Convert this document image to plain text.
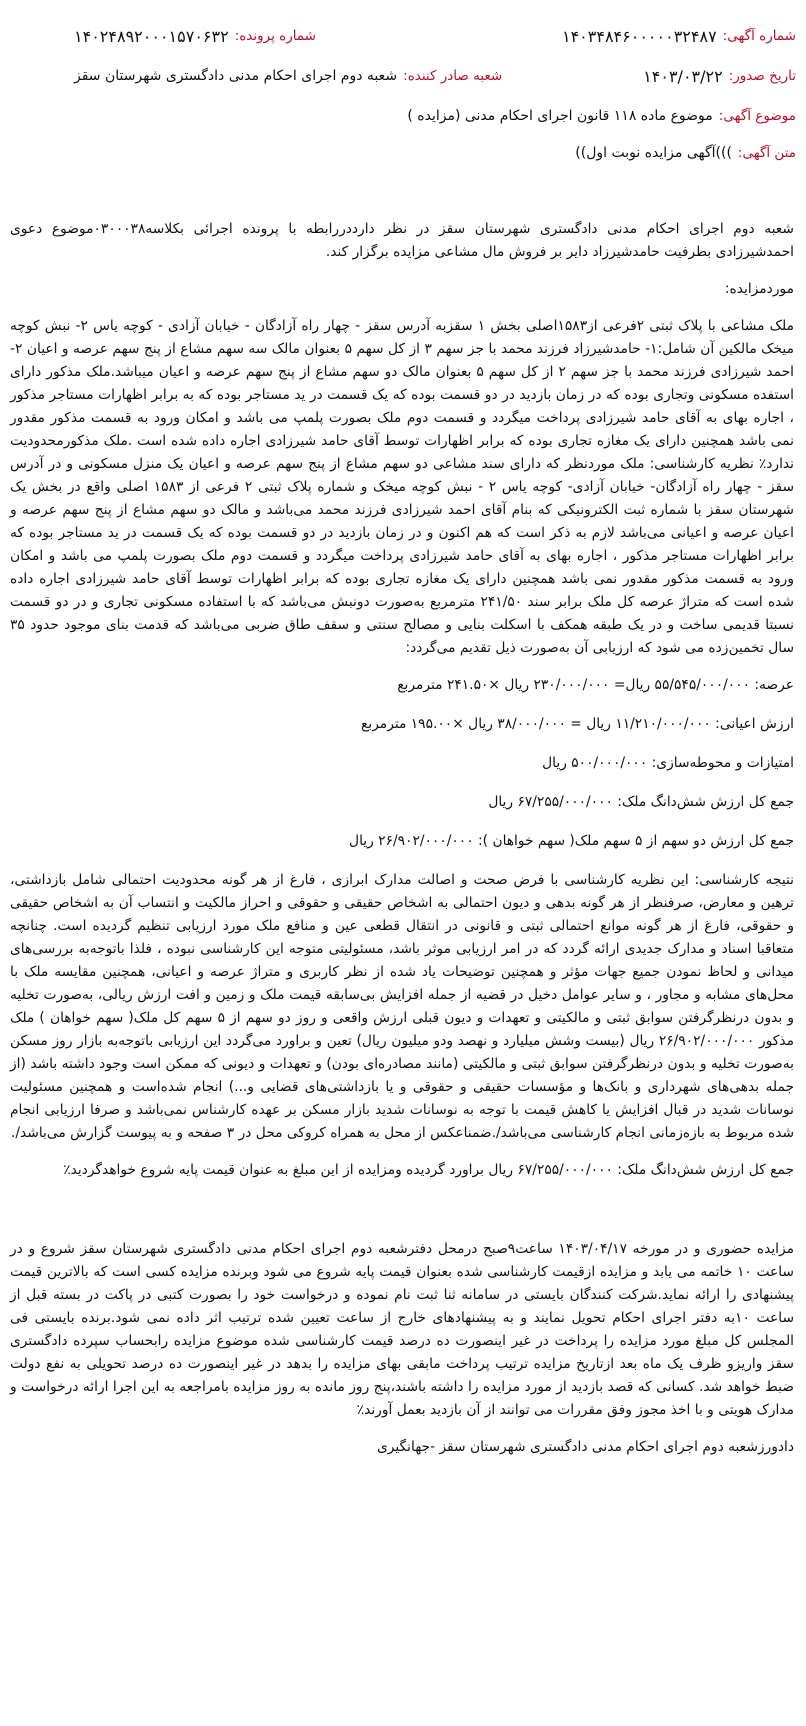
شماره آگهی:
۱۴۰۳۴۸۴۶۰۰۰۰۰۳۲۴۸۷
شماره پرونده:
۱۴۰۲۴۸۹۲۰۰۰۱۵۷۰۶۳۲
تاریخ صدور:
۱۴۰۳/۰۳/۲۲
شعبه صادر کننده:
شعبه دوم اجرای احکام مدنی دادگستری شهرستان سقز
موضوع آگهی:
موضوع ماده ۱۱۸ قانون اجرای احکام مدنی (مزایده )
متن آگهی:
)))آگهی مزایده نوبت اول))

شعبه دوم اجرای احکام مدنی دادگستری شهرستان سقز در نظر دارددررابطه با پرونده اجرائی بکلاسه۰۳۰۰۰۳۸موضوع دعوی احمدشیرزادی بطرفیت حامدشیرزاد دایر بر فروش مال مشاعی مزایده برگزار کند.

موردمزایده:

ملک مشاعی با پلاک ثبتی ۲فرعی از۱۵۸۳اصلی بخش ۱ سقزبه آدرس سقز - چهار راه آزادگان - خیابان آزادی - کوچه یاس ۲- نبش کوچه میخک مالکین آن شامل:۱- حامدشیرزاد فرزند محمد با جز سهم ۳ از کل سهم ۵ بعنوان مالک سه سهم مشاع از پنج سهم عرصه و اعیان ۲- احمد شیرزادی فرزند محمد با جز سهم ۲ از کل سهم ۵ بعنوان مالک دو سهم مشاع از پنج سهم عرصه و اعیان میباشد.ملک مذکور دارای استفده مسکونی وتجاری بوده که در زمان بازدید در دو قسمت بوده که یک قسمت در ید مستاجر بوده که به برابر اظهارات مستاجر مذکور ، اجاره بهای به آقای حامد شیرزادی پرداخت میگردد و قسمت دوم ملک بصورت پلمپ می باشد و امکان ورود به قسمت مذکور مقدور نمی باشد همچنین دارای یک مغازه تجاری بوده که برابر اظهارات توسط آقای حامد شیرزادی اجاره داده شده است .ملک مذکورمحدودیت ندارد٪ نظریه کارشناسی: ملک موردنظر که دارای سند مشاعی دو سهم مشاع از پنج سهم عرصه و اعیان یک منزل مسکونی و در آدرس سقز - چهار راه آزادگان- خیابان آزادی- کوچه یاس ۲ - نبش کوچه میخک و شماره پلاک ثبتی ۲ فرعی از ۱۵۸۳ اصلی واقع در بخش یک شهرستان سقز با شماره ثبت الکترونیکی که بنام آقای احمد شیرزادی فرزند محمد می‌باشد و مالک دو سهم مشاع از پنج سهم عرصه و اعیان عرصه و اعیانی می‌باشد لازم به ذکر است که هم اکنون و در زمان بازدید در دو قسمت بوده که یک قسمت در ید مستاجر بوده که برابر اظهارات مستاجر مذکور ، اجاره بهای به آقای حامد شیرزادی پرداخت میگردد و قسمت دوم ملک بصورت پلمپ می باشد و امکان ورود به قسمت مذکور مقدور نمی باشد همچنین دارای یک مغازه تجاری بوده که برابر اظهارات توسط آقای حامد شیرزادی اجاره داده شده است که متراژ عرصه کل ملک برابر سند ۲۴۱/۵۰ مترمربع به‌صورت دونبش می‌باشد که با استفاده مسکونی تجاری و در دو قسمت نسبتا قدیمی ساخت و در یک طبقه همکف با اسکلت بنایی و مصالح سنتی و سقف طاق ضربی می‌باشد که قدمت بنای موجود حدود ۳۵ سال تخمین‌زده می شود که ارزیابی آن به‌صورت ذیل تقدیم می‌گردد:

عرصه: ۵۵/۵۴۵/۰۰۰/۰۰۰ ریال= ۲۳۰/۰۰۰/۰۰۰ ریال ×۲۴۱.۵۰ مترمربع

ارزش اعیانی: ۱۱/۲۱۰/۰۰۰/۰۰۰ ریال = ۳۸/۰۰۰/۰۰۰ ریال ×۱۹۵.۰۰ مترمربع

امتیازات و محوطه‌سازی: ۵۰۰/۰۰۰/۰۰۰ ریال

جمع کل ارزش شش‌دانگ ملک: ۶۷/۲۵۵/۰۰۰/۰۰۰ ریال

جمع کل ارزش دو سهم از ۵ سهم ملک( سهم خواهان ): ۲۶/۹۰۲/۰۰۰/۰۰۰ ریال

نتیجه کارشناسی: این نظریه کارشناسی با فرض صحت و اصالت مدارک ابرازی ، فارغ از هر گونه محدودیت احتمالی شامل بازداشتی، ترهین و معارض، صرفنظر از هر گونه بدهی و دیون احتمالی به اشخاص حقیقی و حقوقی و احراز مالکیت و انتساب آن به اشخاص حقیقی و حقوقی، فارغ از هر گونه موانع احتمالی ثبتی و قانونی در انتقال قطعی عین و منافع ملک مورد ارزیابی تنظیم گردیده است. چنانچه متعاقبا اسناد و مدارک جدیدی ارائه گردد که در امر ارزیابی موثر باشد، مسئولیتی متوجه این کارشناسی نبوده ، فلذا باتوجه‌به بررسی‌های میدانی و لحاظ نمودن جمیع جهات مؤثر و همچنین توضیحات یاد شده از نظر کاربری و متراژ عرصه و اعیانی، همچنین مقایسه ملک با محل‌های مشابه و مجاور ، و سایر عوامل دخیل در قضیه از جمله افزایش بی‌سابقه قیمت ملک و زمین و افت ارزش ریالی، به‌صورت تخلیه و بدون درنظرگرفتن سوابق ثبتی و مالکیتی و تعهدات و دیون قبلی ارزش واقعی و روز دو سهم از ۵ سهم کل ملک( سهم خواهان ) ملک مذکور ۲۶/۹۰۲/۰۰۰/۰۰۰ ریال (بیست وشش میلیارد و نهصد ودو میلیون ریال) تعین و براورد می‌گردد این ارزیابی باتوجه‌به بازار روز مسکن به‌صورت تخلیه و بدون درنظرگرفتن سوابق ثبتی و مالکیتی (مانند مصادره‌ای بودن) و تعهدات و دیونی که ممکن است وجود داشته باشد (از جمله بدهی‌های شهرداری و بانک‌ها و مؤسسات حقیقی و حقوقی و یا بازداشتی‌های قضایی و...) انجام شده‌است و همچنین مسئولیت نوسانات شدید در قبال افزایش یا کاهش قیمت با توجه به نوسانات شدید بازار مسکن بر عهده کارشناس نمی‌باشد و صرفا ارزیابی انجام شده مربوط به بازه‌زمانی انجام کارشناسی می‌باشد/.ضمناعکس از محل به همراه کروکی محل در ۳ صفحه و به پیوست گزارش می‌باشد/.

جمع کل ارزش شش‌دانگ ملک: ۶۷/۲۵۵/۰۰۰/۰۰۰ ریال براورد گردیده ومزایده از این مبلغ به عنوان قیمت پایه شروع خواهدگردید٪

مزایده حضوری و در مورخه ۱۴۰۳/۰۴/۱۷ ساعت۹صبح درمحل دفترشعبه دوم اجرای احکام مدنی دادگستری شهرستان سقز شروع و در ساعت ۱۰ خاتمه می یابد و مزایده ازقیمت کارشناسی شده بعنوان قیمت پایه شروع می شود وبرنده مزایده کسی است که بالاترین قیمت پیشنهادی را ارائه نماید.شرکت کنندگان بایستی در سامانه ثنا ثبت نام نموده و درخواست خود را بصورت کتبی در پاکت در بسته قبل از ساعت ۱۰به دفتر اجرای احکام تحویل نمایند و به پیشنهادهای خارج از ساعت تعیین شده ترتیب اثر داده نمی شود.برنده بایستی فی المجلس کل مبلغ مورد مزایده را پرداخت در غیر اینصورت ده درصد قیمت کارشناسی شده موضوع مزایده رابحساب سپرده دادگستری سقز واریزو ظرف یک ماه بعد ازتاریخ مزایده ترتیب پرداخت مابقی بهای مزایده را بدهد در غیر اینصورت ده درصد تحویلی به نفع دولت ضبط خواهد شد. کسانی که قصد بازدید از مورد مزایده را داشته باشند،پنج روز مانده به روز مزایده بامراجعه به این اجرا ارائه درخواست و مدارک هویتی و با اخذ مجوز وفق مقررات می توانند از آن بازدید بعمل آورند٪

دادورزشعبه دوم اجرای احکام مدنی دادگستری شهرستان سقز -جهانگیری
